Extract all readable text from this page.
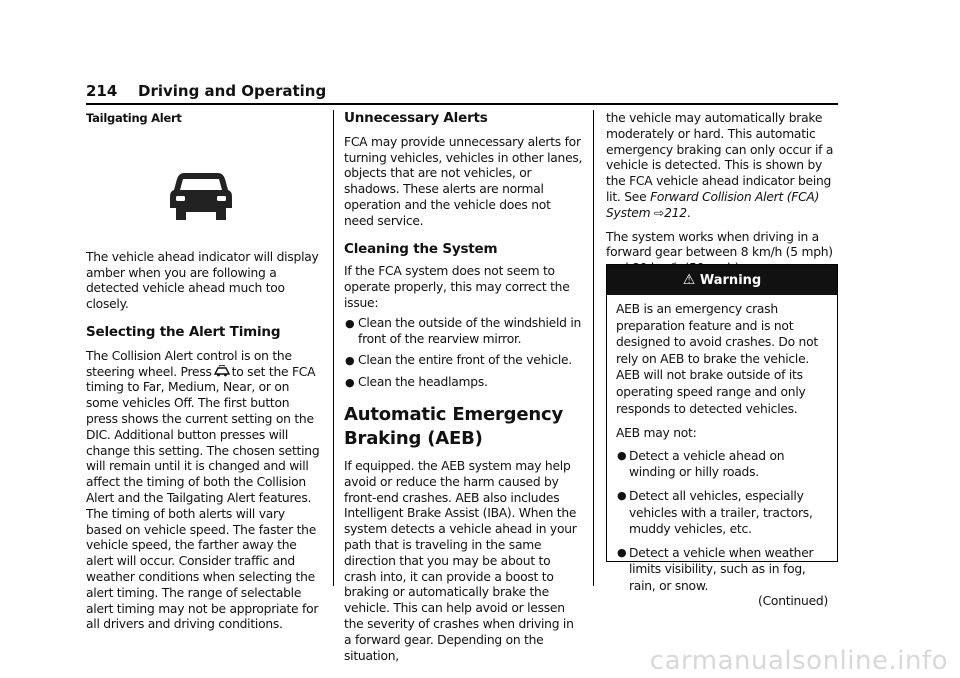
214 Driving and Operating
Tailgating Alert

The vehicle ahead indicator will display amber when you are following a detected vehicle ahead much too closely.

Selecting the Alert Timing

The Collision Alert control is on the steering wheel. Press to set the FCA timing to Far, Medium, Near, or on some vehicles Off. The first button press shows the current setting on the DIC. Additional button presses will change this setting. The chosen setting will remain until it is changed and will affect the timing of both the Collision Alert and the Tailgating Alert features. The timing of both alerts will vary based on vehicle speed. The faster the vehicle speed, the farther away the alert will occur. Consider traffic and weather conditions when selecting the alert timing. The range of selectable alert timing may not be appropriate for all drivers and driving conditions.

Unnecessary Alerts

FCA may provide unnecessary alerts for turning vehicles, vehicles in other lanes, objects that are not vehicles, or shadows. These alerts are normal operation and the vehicle does not need service.

Cleaning the System

If the FCA system does not seem to operate properly, this may correct the issue:

● Clean the outside of the windshield in front of the rearview mirror.
● Clean the entire front of the vehicle.
● Clean the headlamps.
Automatic Emergency
Braking (AEB)

If equipped. the AEB system may help avoid or reduce the harm caused by front-end crashes. AEB also includes Intelligent Brake Assist (IBA). When the system detects a vehicle ahead in your path that is traveling in the same direction that you may be about to crash into, it can provide a boost to braking or automatically brake the vehicle. This can help avoid or lessen the severity of crashes when driving in a forward gear. Depending on the situation,

the vehicle may automatically brake moderately or hard. This automatic emergency braking can only occur if a vehicle is detected. This is shown by the FCA vehicle ahead indicator being lit. See Forward Collision Alert (FCA) System ⇨212.

The system works when driving in a forward gear between 8 km/h (5 mph)

⚠ Warning

AEB is an emergency crash preparation feature and is not designed to avoid crashes. Do not rely on AEB to brake the vehicle. AEB will not brake outside of its operating speed range and only responds to detected vehicles.

AEB may not:

● Detect a vehicle ahead on winding or hilly roads.
● Detect all vehicles, especially vehicles with a trailer, tractors, muddy vehicles, etc.
● Detect a vehicle when weather limits visibility, such as in fog, rain, or snow.
(Continued)
carmanualsonline.info
